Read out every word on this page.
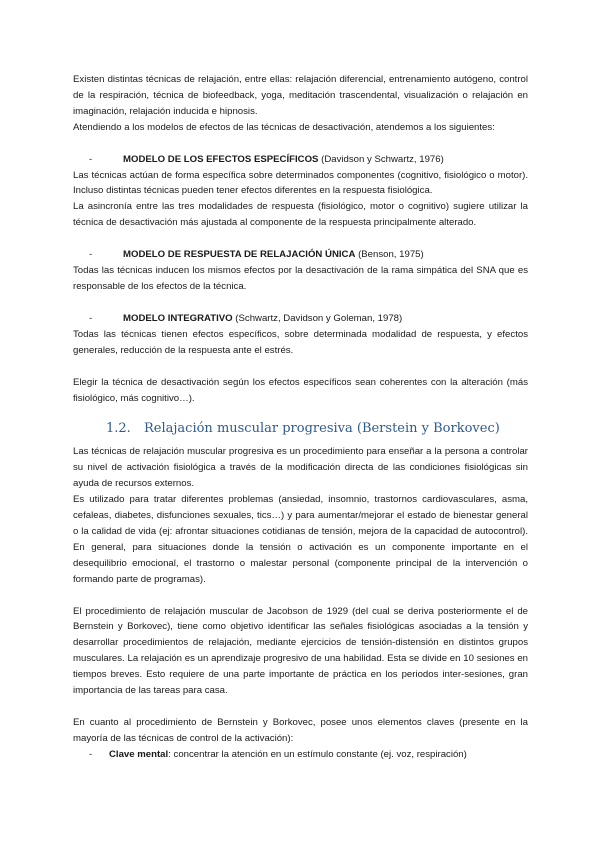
Existen distintas técnicas de relajación, entre ellas: relajación diferencial, entrenamiento autógeno, control de la respiración, técnica de biofeedback, yoga, meditación trascendental, visualización o relajación en imaginación, relajación inducida e hipnosis.

Atendiendo a los modelos de efectos de las técnicas de desactivación, atendemos a los siguientes:

-	MODELO DE LOS EFECTOS ESPECÍFICOS (Davidson y Schwartz, 1976)

Las técnicas actúan de forma específica sobre determinados componentes (cognitivo, fisiológico o motor). Incluso distintas técnicas pueden tener efectos diferentes en la respuesta fisiológica.

La asincronía entre las tres modalidades de respuesta (fisiológico, motor o cognitivo) sugiere utilizar la técnica de desactivación más ajustada al componente de la respuesta principalmente alterado.

-	MODELO DE RESPUESTA DE RELAJACIÓN ÚNICA (Benson, 1975)

Todas las técnicas inducen los mismos efectos por la desactivación de la rama simpática del SNA que es responsable de los efectos de la técnica.

-	MODELO INTEGRATIVO (Schwartz, Davidson y Goleman, 1978)

Todas las técnicas tienen efectos específicos, sobre determinada modalidad de respuesta, y efectos generales, reducción de la respuesta ante el estrés.

Elegir la técnica de desactivación según los efectos específicos sean coherentes con la alteración (más fisiológico, más cognitivo…).

1.2.	Relajación muscular progresiva (Berstein y Borkovec)

Las técnicas de relajación muscular progresiva es un procedimiento para enseñar a la persona a controlar su nivel de activación fisiológica a través de la modificación directa de las condiciones fisiológicas sin ayuda de recursos externos.

Es utilizado para tratar diferentes problemas (ansiedad, insomnio, trastornos cardiovasculares, asma, cefaleas, diabetes, disfunciones sexuales, tics…) y para aumentar/mejorar el estado de bienestar general o la calidad de vida (ej: afrontar situaciones cotidianas de tensión, mejora de la capacidad de autocontrol). En general, para situaciones donde la tensión o activación es un componente importante en el desequilibrio emocional, el trastorno o malestar personal (componente principal de la intervención o formando parte de programas).

El procedimiento de relajación muscular de Jacobson de 1929 (del cual se deriva posteriormente el de Bernstein y Borkovec), tiene como objetivo identificar las señales fisiológicas asociadas a la tensión y desarrollar procedimientos de relajación, mediante ejercicios de tensión-distensión en distintos grupos musculares. La relajación es un aprendizaje progresivo de una habilidad. Esta se divide en 10 sesiones en tiempos breves. Esto requiere de una parte importante de práctica en los periodos inter-sesiones, gran importancia de las tareas para casa.

En cuanto al procedimiento de Bernstein y Borkovec, posee unos elementos claves (presente en la mayoría de las técnicas de control de la activación):

-	Clave mental: concentrar la atención en un estímulo constante (ej. voz, respiración)
